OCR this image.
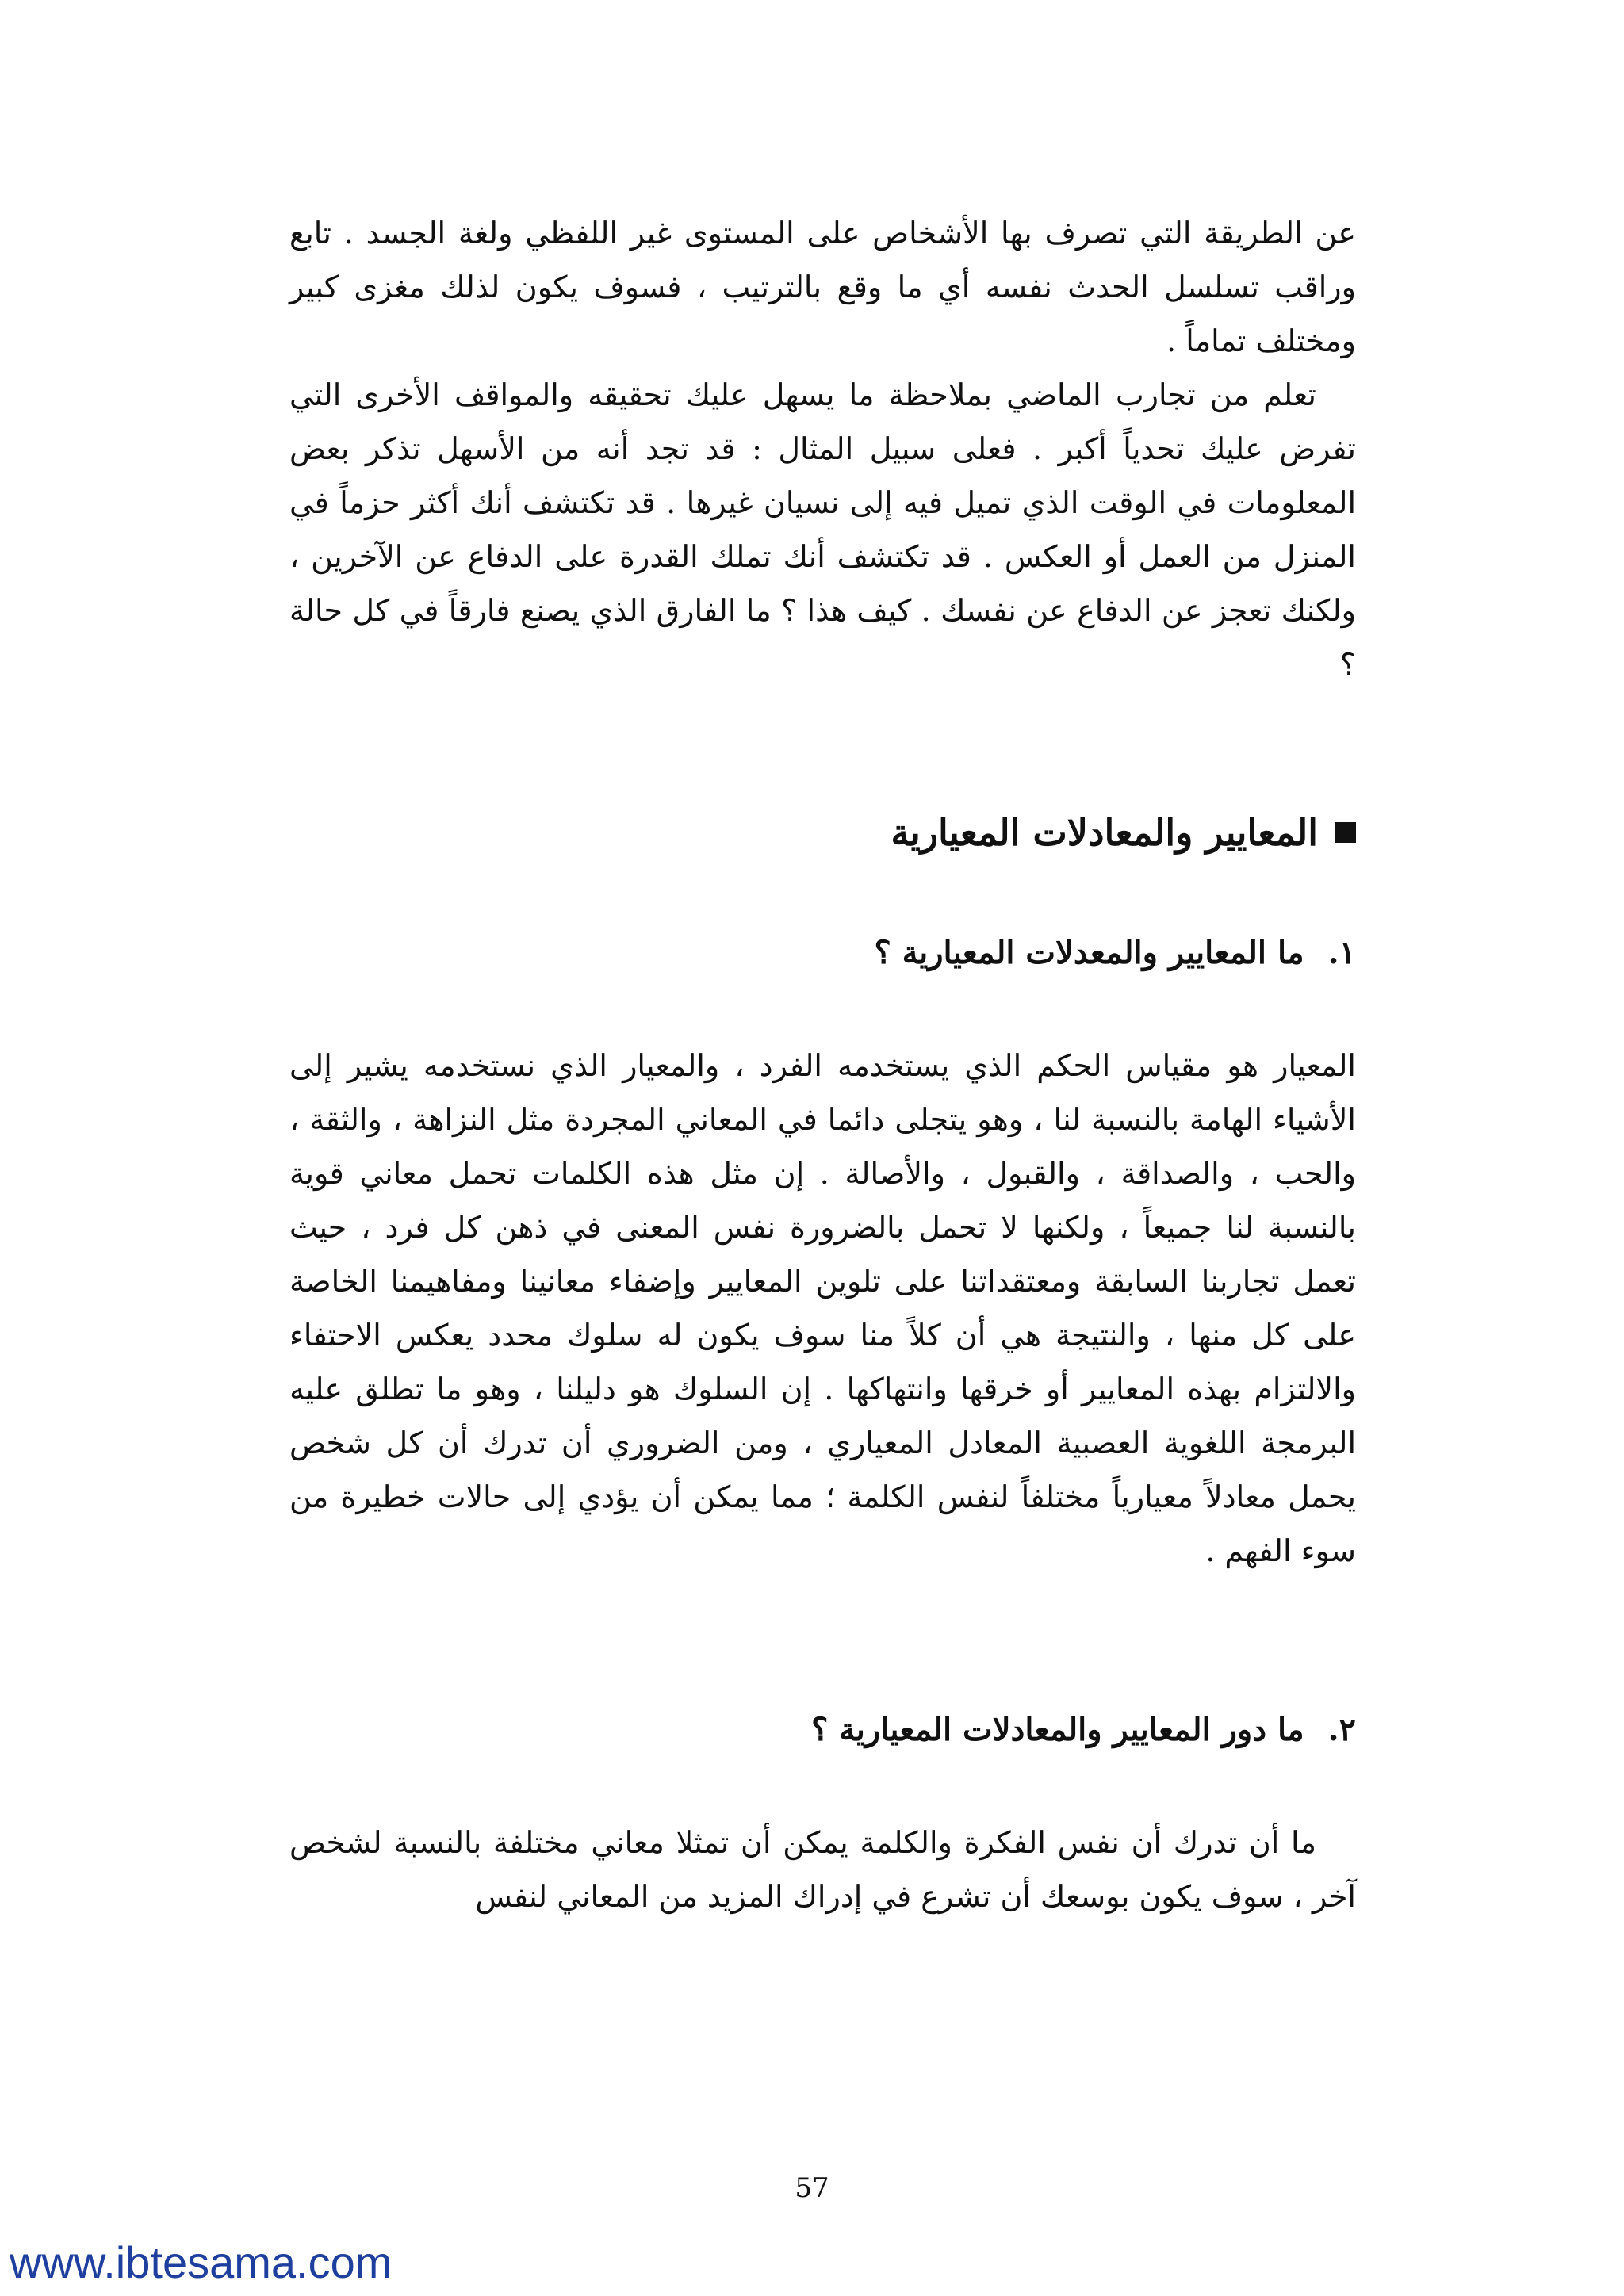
عن الطريقة التي تصرف بها الأشخاص على المستوى غير اللفظي ولغة الجسد . تابع وراقب تسلسل الحدث نفسه أي ما وقع بالترتيب ، فسوف يكون لذلك مغزى كبير ومختلف تماماً .

تعلم من تجارب الماضي بملاحظة ما يسهل عليك تحقيقه والمواقف الأخرى التي تفرض عليك تحدياً أكبر . فعلى سبيل المثال : قد تجد أنه من الأسهل تذكر بعض المعلومات في الوقت الذي تميل فيه إلى نسيان غيرها . قد تكتشف أنك أكثر حزماً في المنزل من العمل أو العكس . قد تكتشف أنك تملك القدرة على الدفاع عن الآخرين ، ولكنك تعجز عن الدفاع عن نفسك . كيف هذا ؟ ما الفارق الذي يصنع فارقاً في كل حالة ؟

المعايير والمعادلات المعيارية
١.
ما المعايير والمعدلات المعيارية ؟

المعيار هو مقياس الحكم الذي يستخدمه الفرد ، والمعيار الذي نستخدمه يشير إلى الأشياء الهامة بالنسبة لنا ، وهو يتجلى دائما في المعاني المجردة مثل النزاهة ، والثقة ، والحب ، والصداقة ، والقبول ، والأصالة . إن مثل هذه الكلمات تحمل معاني قوية بالنسبة لنا جميعاً ، ولكنها لا تحمل بالضرورة نفس المعنى في ذهن كل فرد ، حيث تعمل تجاربنا السابقة ومعتقداتنا على تلوين المعايير وإضفاء معانينا ومفاهيمنا الخاصة على كل منها ، والنتيجة هي أن كلاً منا سوف يكون له سلوك محدد يعكس الاحتفاء والالتزام بهذه المعايير أو خرقها وانتهاكها . إن السلوك هو دليلنا ، وهو ما تطلق عليه البرمجة اللغوية العصبية المعادل المعياري ، ومن الضروري أن تدرك أن كل شخص يحمل معادلاً معيارياً مختلفاً لنفس الكلمة ؛ مما يمكن أن يؤدي إلى حالات خطيرة من سوء الفهم .

٢.
ما دور المعايير والمعادلات المعيارية ؟

ما أن تدرك أن نفس الفكرة والكلمة يمكن أن تمثلا معاني مختلفة بالنسبة لشخص آخر ، سوف يكون بوسعك أن تشرع في إدراك المزيد من المعاني لنفس

57
www.ibtesama.com
